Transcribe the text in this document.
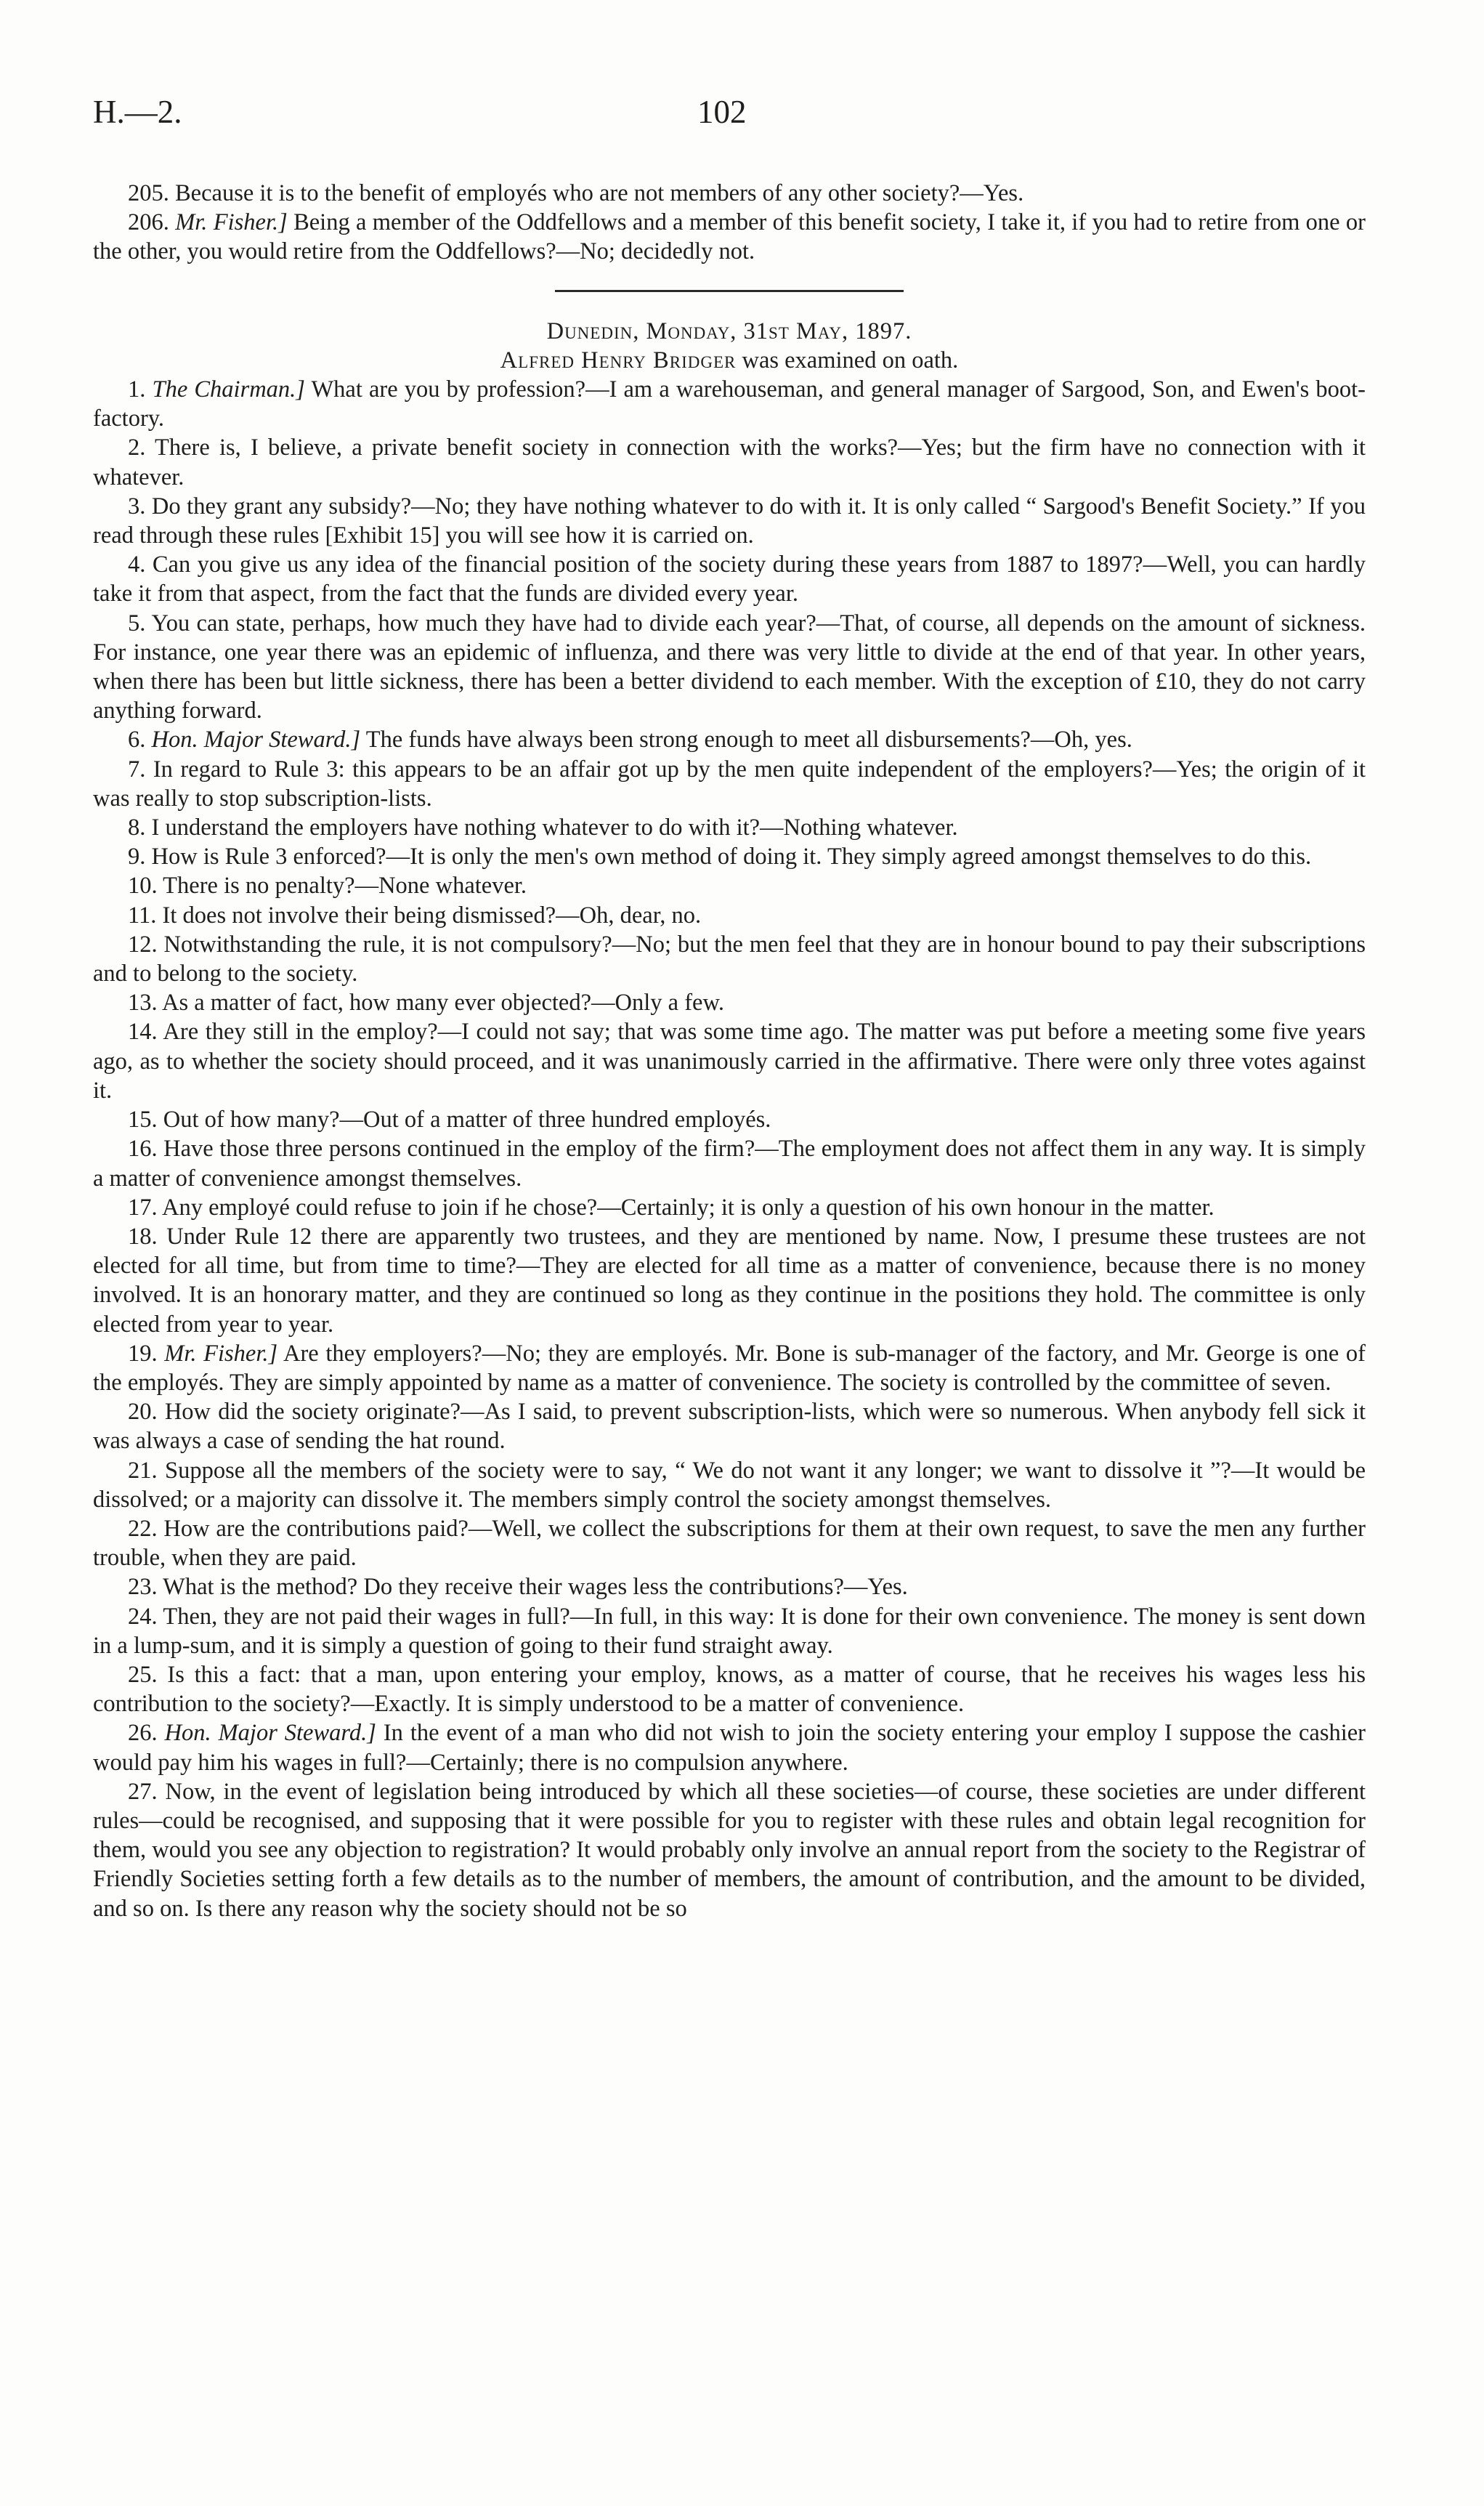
H.—2.	102

205. Because it is to the benefit of employés who are not members of any other society?—Yes.

206. Mr. Fisher.] Being a member of the Oddfellows and a member of this benefit society, I take it, if you had to retire from one or the other, you would retire from the Oddfellows?—No; decidedly not.

Dunedin, Monday, 31st May, 1897.

Alfred Henry Bridger was examined on oath.

1. The Chairman.] What are you by profession?—I am a warehouseman, and general manager of Sargood, Son, and Ewen's boot-factory.

2. There is, I believe, a private benefit society in connection with the works?—Yes; but the firm have no connection with it whatever.

3. Do they grant any subsidy?—No; they have nothing whatever to do with it. It is only called “ Sargood's Benefit Society.” If you read through these rules [Exhibit 15] you will see how it is carried on.

4. Can you give us any idea of the financial position of the society during these years from 1887 to 1897?—Well, you can hardly take it from that aspect, from the fact that the funds are divided every year.

5. You can state, perhaps, how much they have had to divide each year?—That, of course, all depends on the amount of sickness. For instance, one year there was an epidemic of influenza, and there was very little to divide at the end of that year. In other years, when there has been but little sickness, there has been a better dividend to each member. With the exception of £10, they do not carry anything forward.

6. Hon. Major Steward.] The funds have always been strong enough to meet all disbursements?—Oh, yes.

7. In regard to Rule 3: this appears to be an affair got up by the men quite independent of the employers?—Yes; the origin of it was really to stop subscription-lists.

8. I understand the employers have nothing whatever to do with it?—Nothing whatever.

9. How is Rule 3 enforced?—It is only the men's own method of doing it. They simply agreed amongst themselves to do this.

10. There is no penalty?—None whatever.

11. It does not involve their being dismissed?—Oh, dear, no.

12. Notwithstanding the rule, it is not compulsory?—No; but the men feel that they are in honour bound to pay their subscriptions and to belong to the society.

13. As a matter of fact, how many ever objected?—Only a few.

14. Are they still in the employ?—I could not say; that was some time ago. The matter was put before a meeting some five years ago, as to whether the society should proceed, and it was unanimously carried in the affirmative. There were only three votes against it.

15. Out of how many?—Out of a matter of three hundred employés.

16. Have those three persons continued in the employ of the firm?—The employment does not affect them in any way. It is simply a matter of convenience amongst themselves.

17. Any employé could refuse to join if he chose?—Certainly; it is only a question of his own honour in the matter.

18. Under Rule 12 there are apparently two trustees, and they are mentioned by name. Now, I presume these trustees are not elected for all time, but from time to time?—They are elected for all time as a matter of convenience, because there is no money involved. It is an honorary matter, and they are continued so long as they continue in the positions they hold. The committee is only elected from year to year.

19. Mr. Fisher.] Are they employers?—No; they are employés. Mr. Bone is sub-manager of the factory, and Mr. George is one of the employés. They are simply appointed by name as a matter of convenience. The society is controlled by the committee of seven.

20. How did the society originate?—As I said, to prevent subscription-lists, which were so numerous. When anybody fell sick it was always a case of sending the hat round.

21. Suppose all the members of the society were to say, “ We do not want it any longer; we want to dissolve it ”?—It would be dissolved; or a majority can dissolve it. The members simply control the society amongst themselves.

22. How are the contributions paid?—Well, we collect the subscriptions for them at their own request, to save the men any further trouble, when they are paid.

23. What is the method? Do they receive their wages less the contributions?—Yes.

24. Then, they are not paid their wages in full?—In full, in this way: It is done for their own convenience. The money is sent down in a lump-sum, and it is simply a question of going to their fund straight away.

25. Is this a fact: that a man, upon entering your employ, knows, as a matter of course, that he receives his wages less his contribution to the society?—Exactly. It is simply understood to be a matter of convenience.

26. Hon. Major Steward.] In the event of a man who did not wish to join the society entering your employ I suppose the cashier would pay him his wages in full?—Certainly; there is no compulsion anywhere.

27. Now, in the event of legislation being introduced by which all these societies—of course, these societies are under different rules—could be recognised, and supposing that it were possible for you to register with these rules and obtain legal recognition for them, would you see any objection to registration? It would probably only involve an annual report from the society to the Registrar of Friendly Societies setting forth a few details as to the number of members, the amount of contribution, and the amount to be divided, and so on. Is there any reason why the society should not be so
